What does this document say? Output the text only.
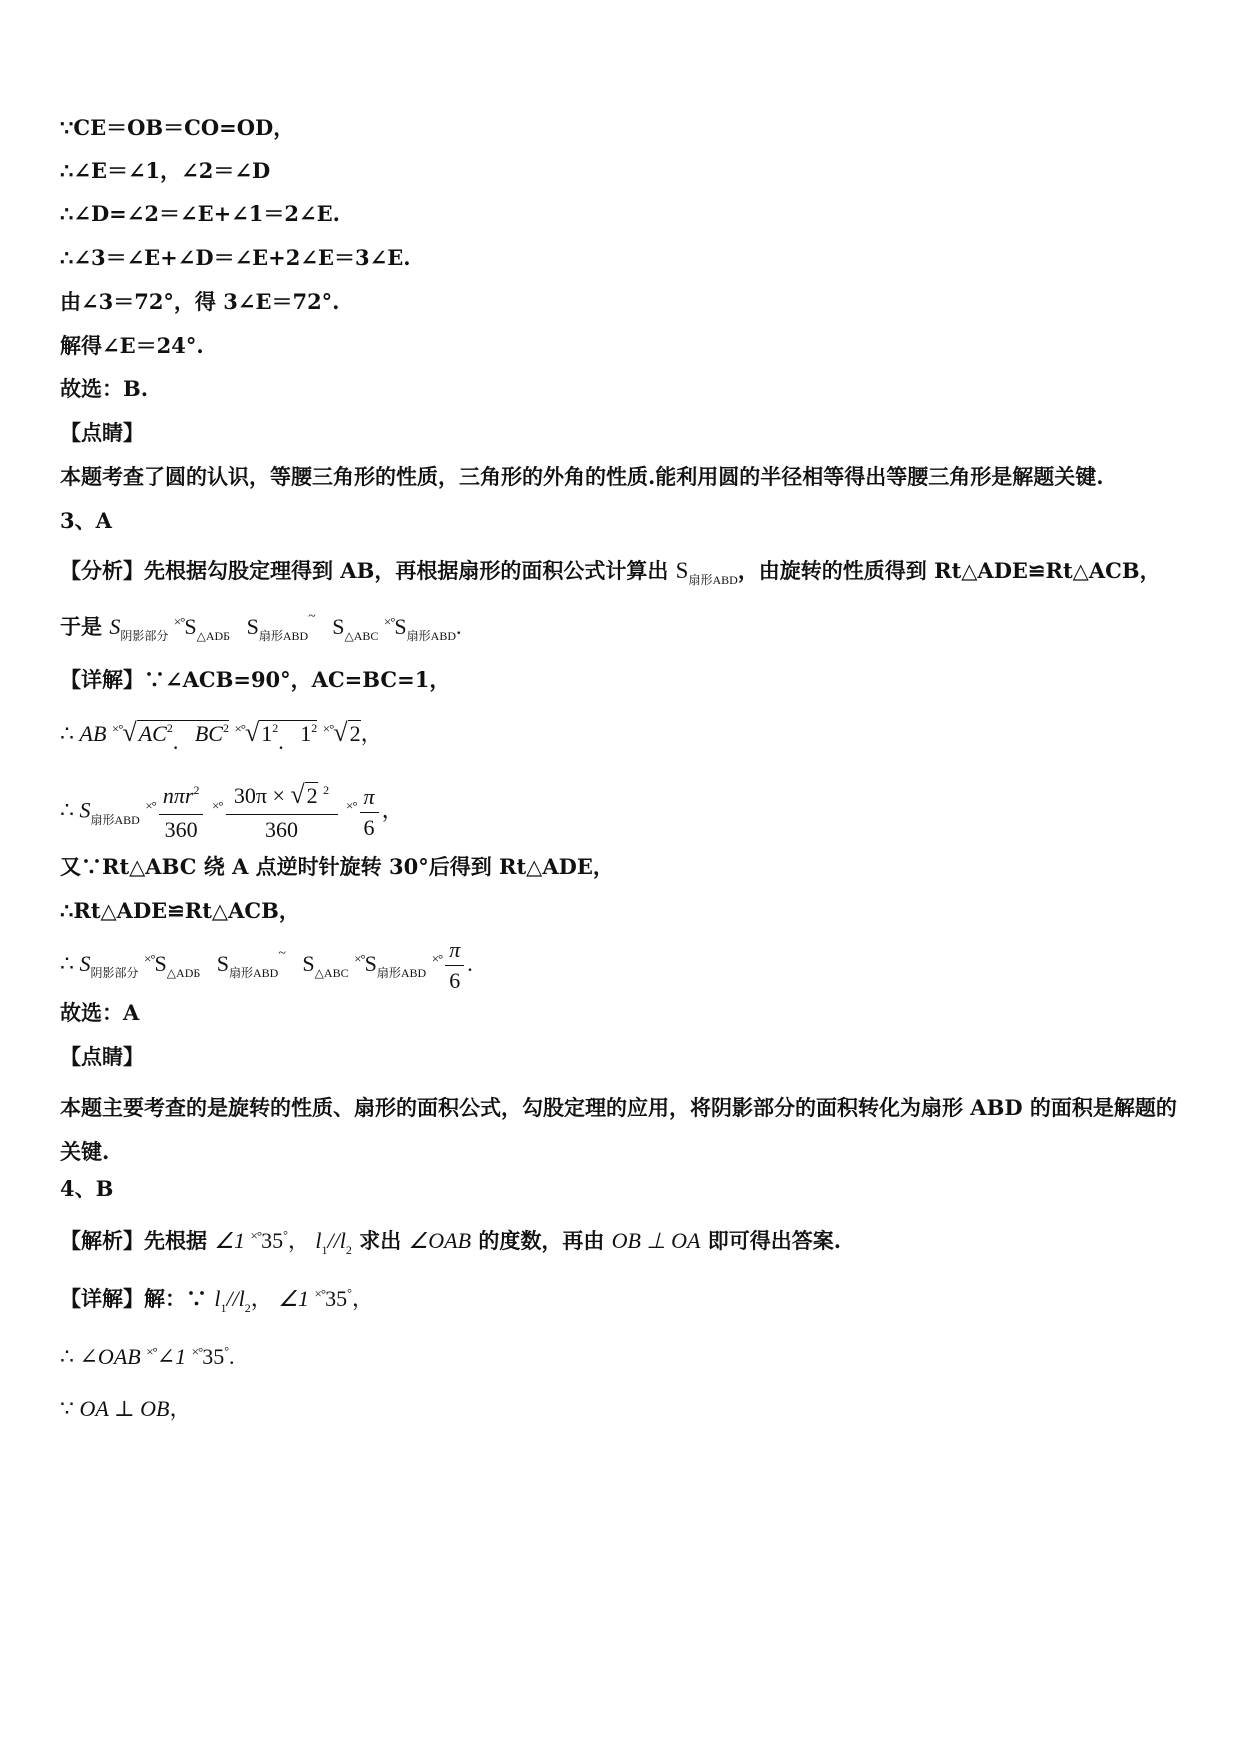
∵CE＝OB＝CO=OD，
∴∠E＝∠1，∠2＝∠D
∴∠D=∠2＝∠E+∠1＝2∠E.
∴∠3＝∠E+∠D＝∠E+2∠E＝3∠E.
由∠3＝72°，得 3∠E＝72°.
解得∠E＝24°.
故选：B.
【点睛】
本题考查了圆的认识，等腰三角形的性质，三角形的外角的性质.能利用圆的半径相等得出等腰三角形是解题关键.
3、A
【分析】先根据勾股定理得到 AB，再根据扇形的面积公式计算出 $S_{扇形ABD}$，由旋转的性质得到 Rt△ADE≌Rt△ACB，
于是 $S_{阴影部分}$ $^{\times^\circ}S_{\triangle ADБ}$ $S_{扇形ABD}^\sim$ $S_{\triangle ABC}$ $^{\times^\circ}S_{扇形ABD}$.
【详解】∵∠ACB=90°，AC=BC=1，
∴ AB $^{\times^\circ}√AC^2$. $BC^2$ $^{\times^\circ}√1^2$. $1^2$ ×°√2，
∴ $S_{扇形ABD}$ $^{\times^\circ} \frac{n\pi r^2}{360} ^{\times^\circ} \frac{30\pi \times √2 ^2}{360} ^{\times^\circ} \frac{\pi}{6}$ ，
又∵Rt△ABC 绕 A 点逆时针旋转 30°后得到 Rt△ADE，
∴Rt△ADE≌Rt△ACB，
∴ $S_{阴影部分}$ $^{\times^\circ}S_{\triangle ADБ}$ $S_{扇形ABD}^\sim$ $S_{\triangle ABC}$ $^{\times^\circ}S_{扇形ABD}$ $^{\times^\circ} \frac{\pi}{6}$ .
故选：A
【点睛】
本题主要考查的是旋转的性质、扇形的面积公式，勾股定理的应用，将阴影部分的面积转化为扇形 ABD 的面积是解题的关键.
4、B
【解析】先根据 ∠1 ×°35°， $l_1//l_2$ 求出 ∠OAB 的度数，再由 OB ⊥ OA 即可得出答案.
【详解】解：∵ $l_1//l_2$， ∠1 ×°35°，
∴ ∠OAB ×°∠1 ×°35°.
∵ OA ⊥ OB，
